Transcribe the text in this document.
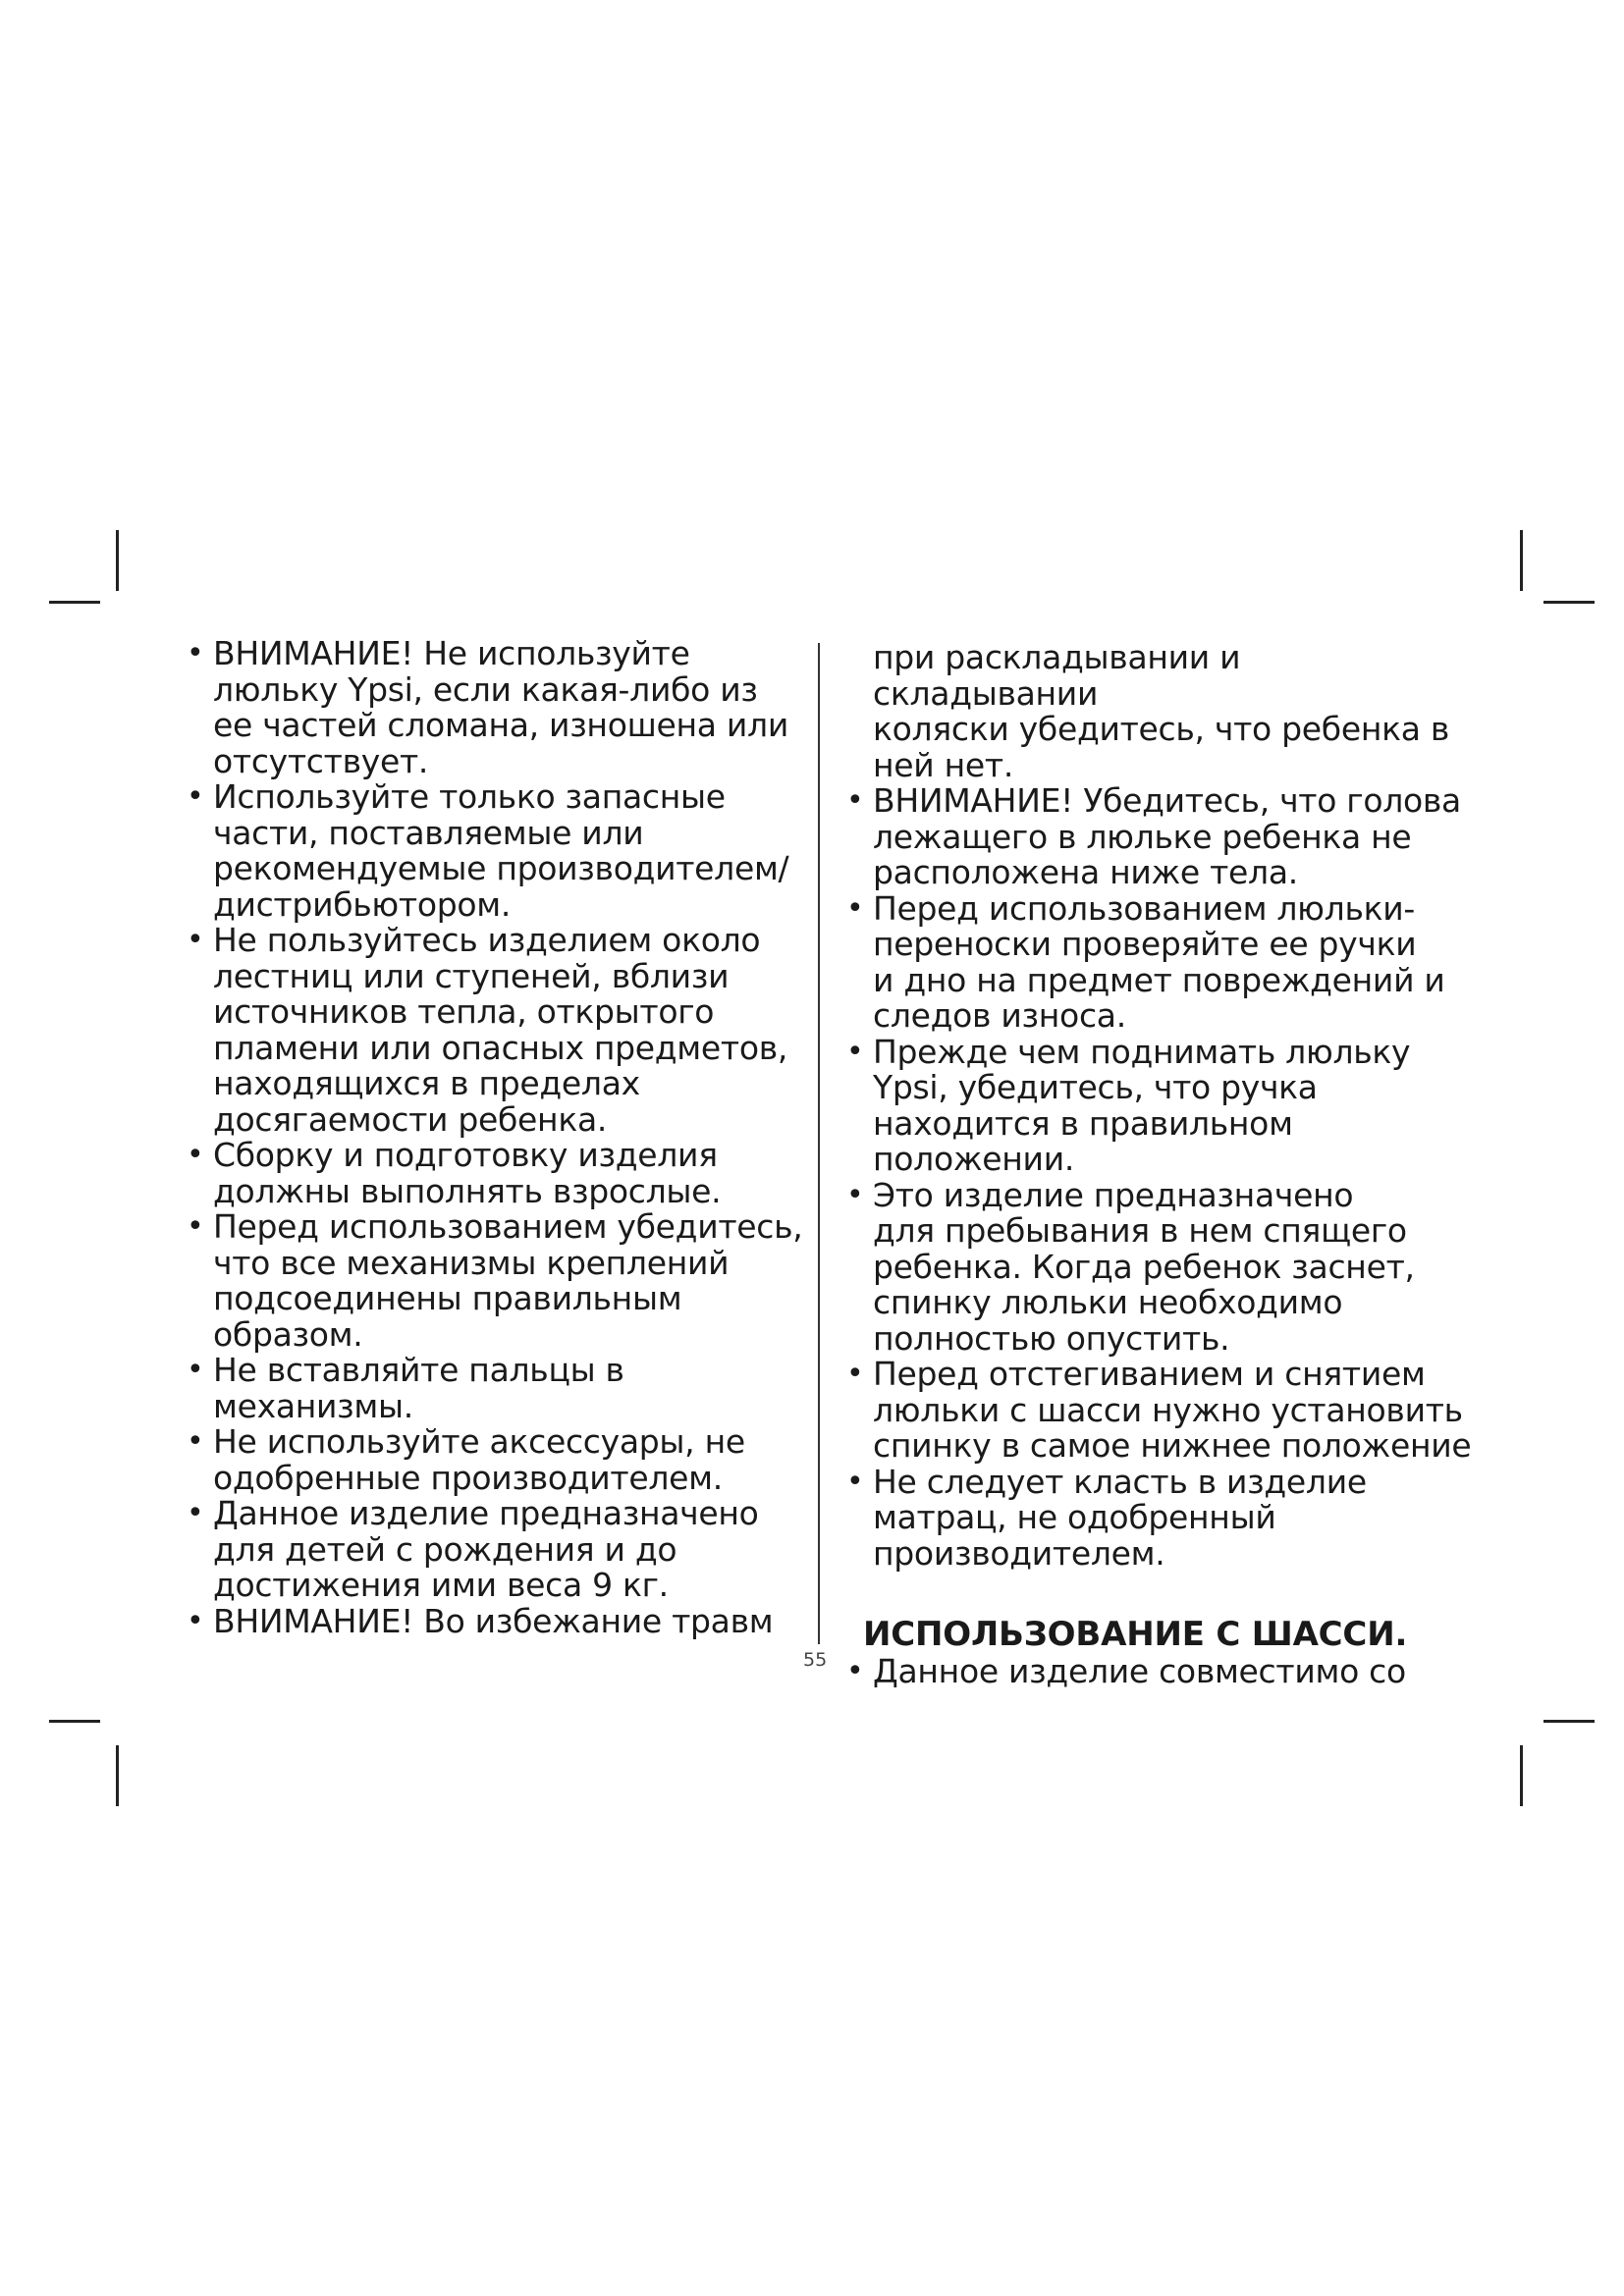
• ВНИМАНИЕ! Не используйте
люльку Ypsi, если какая-либо из
ее частей сломана, изношена или
отсутствует.
• Используйте только запасные
части, поставляемые или
рекомендуемые производителем/
дистрибьютором.
• Не пользуйтесь изделием около
лестниц или ступеней, вблизи
источников тепла, открытого
пламени или опасных предметов,
находящихся в пределах
досягаемости ребенка.
• Сборку и подготовку изделия
должны выполнять взрослые.
• Перед использованием убедитесь,
что все механизмы креплений
подсоединены правильным
образом.
• Не вставляйте пальцы в
механизмы.
• Не используйте аксессуары, не
одобренные производителем.
• Данное изделие предназначено
для детей с рождения и до
достижения ими веса 9 кг.
• ВНИМАНИЕ! Во избежание травм
55
при раскладывании и складывании
коляски убедитесь, что ребенка в
ней нет.
• ВНИМАНИЕ! Убедитесь, что голова
лежащего в люльке ребенка не
расположена ниже тела.
• Перед использованием люльки-
переноски проверяйте ее ручки
и дно на предмет повреждений и
следов износа.
• Прежде чем поднимать люльку
Ypsi, убедитесь, что ручка
находится в правильном
положении.
• Это изделие предназначено
для пребывания в нем спящего
ребенка. Когда ребенок заснет,
спинку люльки необходимо
полностью опустить.
• Перед отстегиванием и снятием
люльки с шасси нужно установить
спинку в самое нижнее положение
• Не следует класть в изделие
матрац, не одобренный
производителем.
ИСПОЛЬЗОВАНИЕ С ШАССИ.
• Данное изделие совместимо со
